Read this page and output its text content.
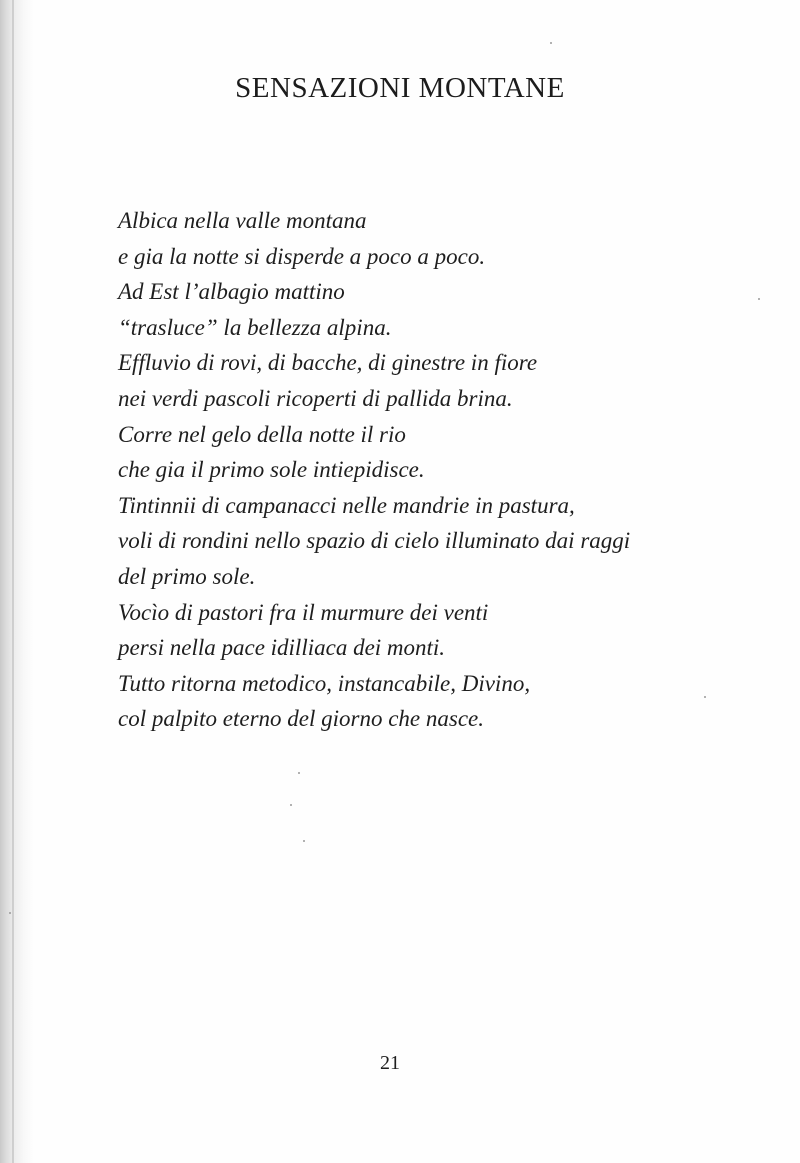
SENSAZIONI MONTANE
Albica nella valle montana
e gia la notte si disperde a poco a poco.
Ad Est l’albagio mattino
“trasluce” la bellezza alpina.
Effluvio di rovi, di bacche, di ginestre in fiore
nei verdi pascoli ricoperti di pallida brina.
Corre nel gelo della notte il rio
che gia il primo sole intiepidisce.
Tintinnii di campanacci nelle mandrie in pastura,
voli di rondini nello spazio di cielo illuminato dai raggi
del primo sole.
Vocìo di pastori fra il murmure dei venti
persi nella pace idilliaca dei monti.
Tutto ritorna metodico, instancabile, Divino,
col palpito eterno del giorno che nasce.
21
